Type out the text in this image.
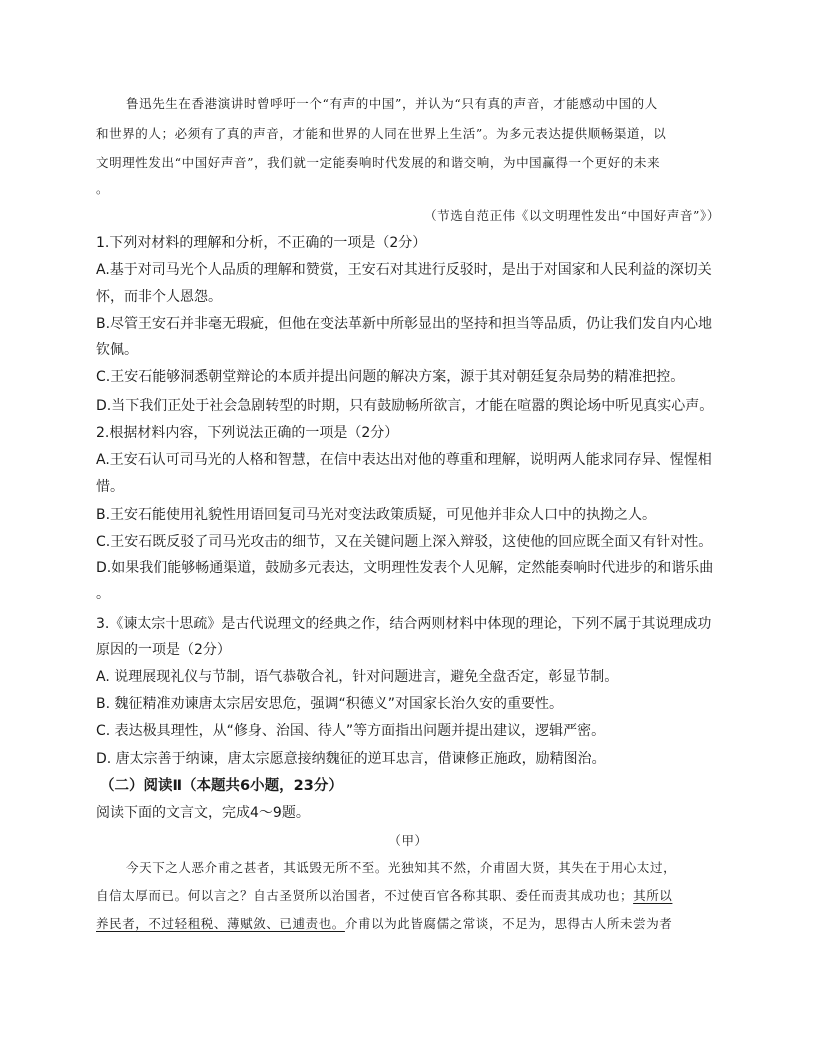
鲁迅先生在香港演讲时曾呼吁一个“有声的中国”，并认为“只有真的声音，才能感动中国的人
和世界的人；必须有了真的声音，才能和世界的人同在世界上生活”。为多元表达提供顺畅渠道，以
文明理性发出“中国好声音”，我们就一定能奏响时代发展的和谐交响，为中国赢得一个更好的未来
。
（节选自范正伟《以文明理性发出“中国好声音”》）
1.下列对材料的理解和分析，不正确的一项是（2分）
A.基于对司马光个人品质的理解和赞赏，王安石对其进行反驳时，是出于对国家和人民利益的深切关
怀，而非个人恩怨。
B.尽管王安石并非毫无瑕疵，但他在变法革新中所彰显出的坚持和担当等品质，仍让我们发自内心地
钦佩。
C.王安石能够洞悉朝堂辩论的本质并提出问题的解决方案，源于其对朝廷复杂局势的精准把控。
D.当下我们正处于社会急剧转型的时期，只有鼓励畅所欲言，才能在喧嚣的舆论场中听见真实心声。
2.根据材料内容，下列说法正确的一项是（2分）
A.王安石认可司马光的人格和智慧，在信中表达出对他的尊重和理解，说明两人能求同存异、惺惺相
惜。
B.王安石能使用礼貌性用语回复司马光对变法政策质疑，可见他并非众人口中的执拗之人。
C.王安石既反驳了司马光攻击的细节，又在关键问题上深入辩驳，这使他的回应既全面又有针对性。
D.如果我们能够畅通渠道，鼓励多元表达，文明理性发表个人见解，定然能奏响时代进步的和谐乐曲
。
3.《谏太宗十思疏》是古代说理文的经典之作，结合两则材料中体现的理论，下列不属于其说理成功
原因的一项是（2分）
A. 说理展现礼仪与节制，语气恭敬合礼，针对问题进言，避免全盘否定，彰显节制。
B. 魏征精准劝谏唐太宗居安思危，强调“积德义”对国家长治久安的重要性。
C. 表达极具理性，从“修身、治国、待人”等方面指出问题并提出建议，逻辑严密。
D. 唐太宗善于纳谏，唐太宗愿意接纳魏征的逆耳忠言，借谏修正施政，励精图治。
（二）阅读Ⅱ（本题共6小题，23分）
阅读下面的文言文，完成4～9题。
（甲）
今天下之人恶介甫之甚者，其诋毁无所不至。光独知其不然，介甫固大贤，其失在于用心太过，
自信太厚而已。何以言之？自古圣贤所以治国者，不过使百官各称其职、委任而责其成功也；其所以
养民者，不过轻租税、薄赋敛、已逋责也。介甫以为此皆腐儒之常谈，不足为，思得古人所未尝为者
